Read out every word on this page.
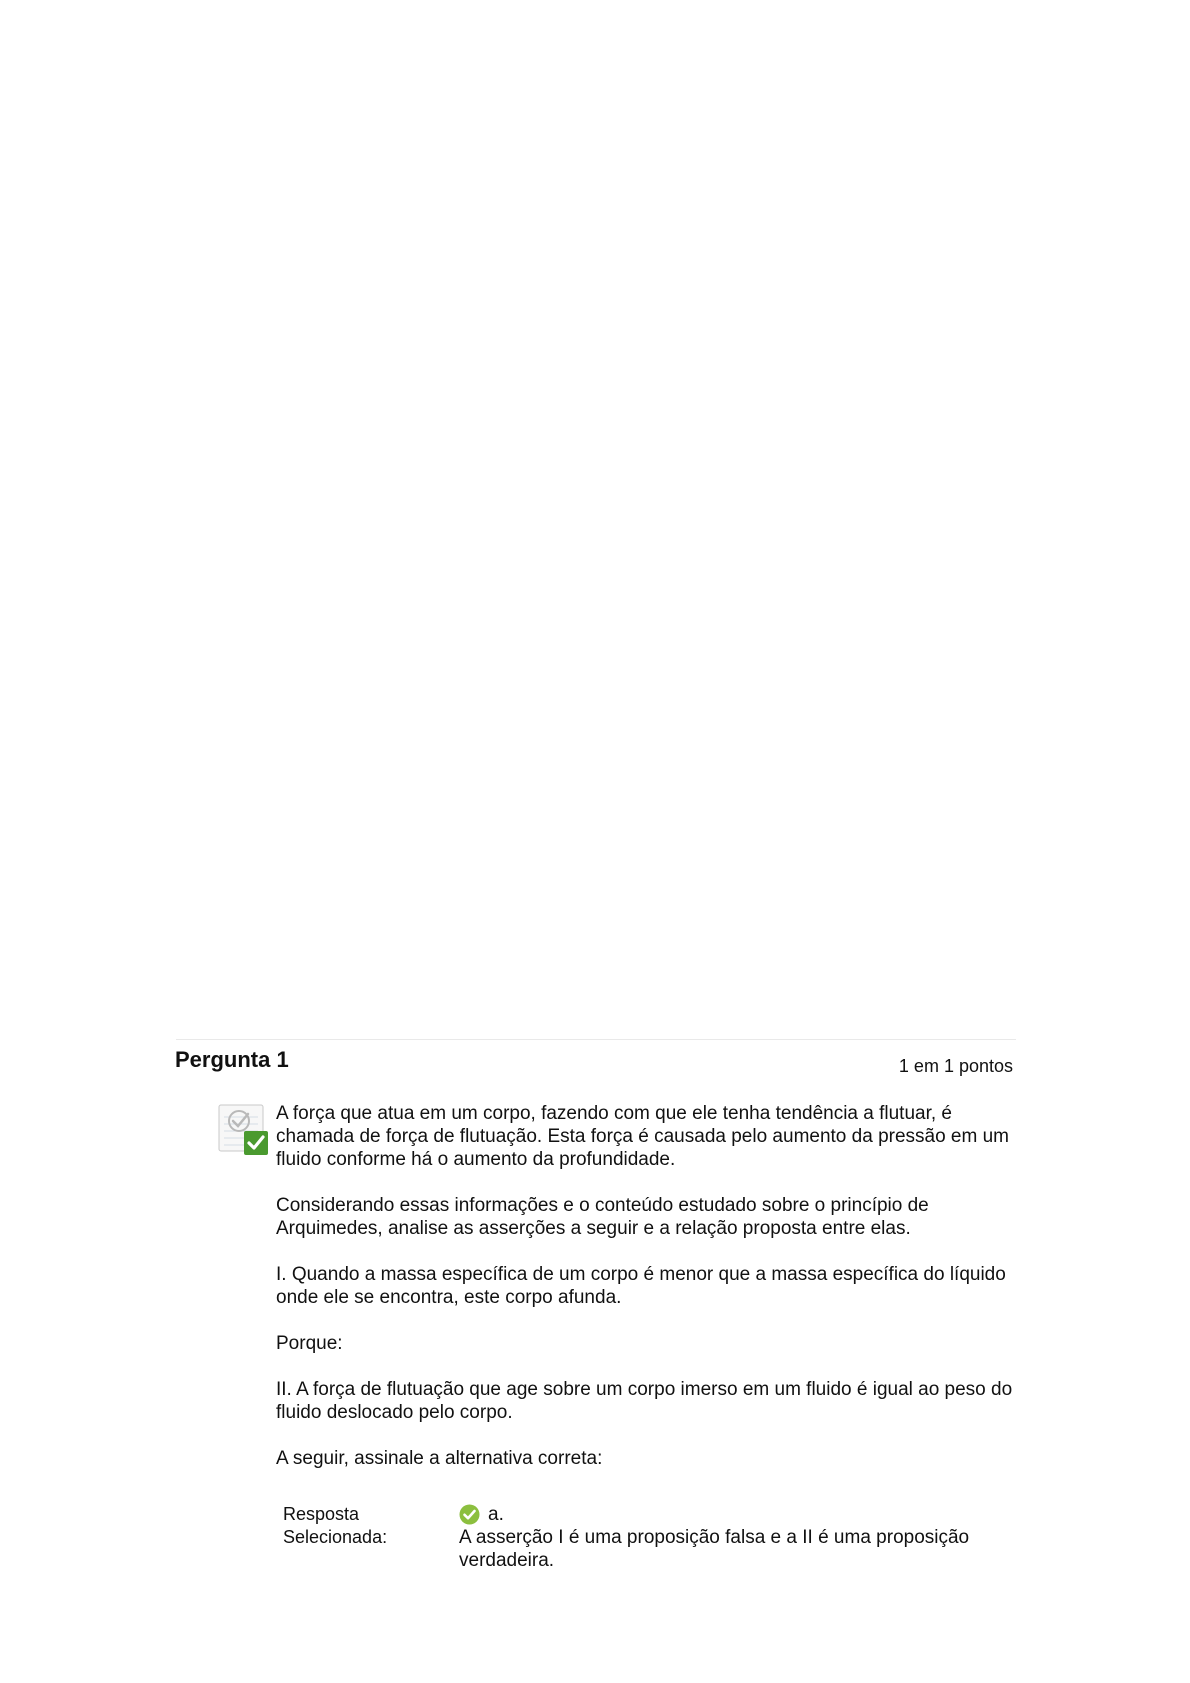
Pergunta 1	1 em 1 pontos

A força que atua em um corpo, fazendo com que ele tenha tendência a flutuar, é chamada de força de flutuação. Esta força é causada pelo aumento da pressão em um fluido conforme há o aumento da profundidade.

Considerando essas informações e o conteúdo estudado sobre o princípio de Arquimedes, analise as asserções a seguir e a relação proposta entre elas.

I. Quando a massa específica de um corpo é menor que a massa específica do líquido onde ele se encontra, este corpo afunda.

Porque:

II. A força de flutuação que age sobre um corpo imerso em um fluido é igual ao peso do fluido deslocado pelo corpo.

A seguir, assinale a alternativa correta:

Resposta Selecionada:
a.
A asserção I é uma proposição falsa e a II é uma proposição verdadeira.
